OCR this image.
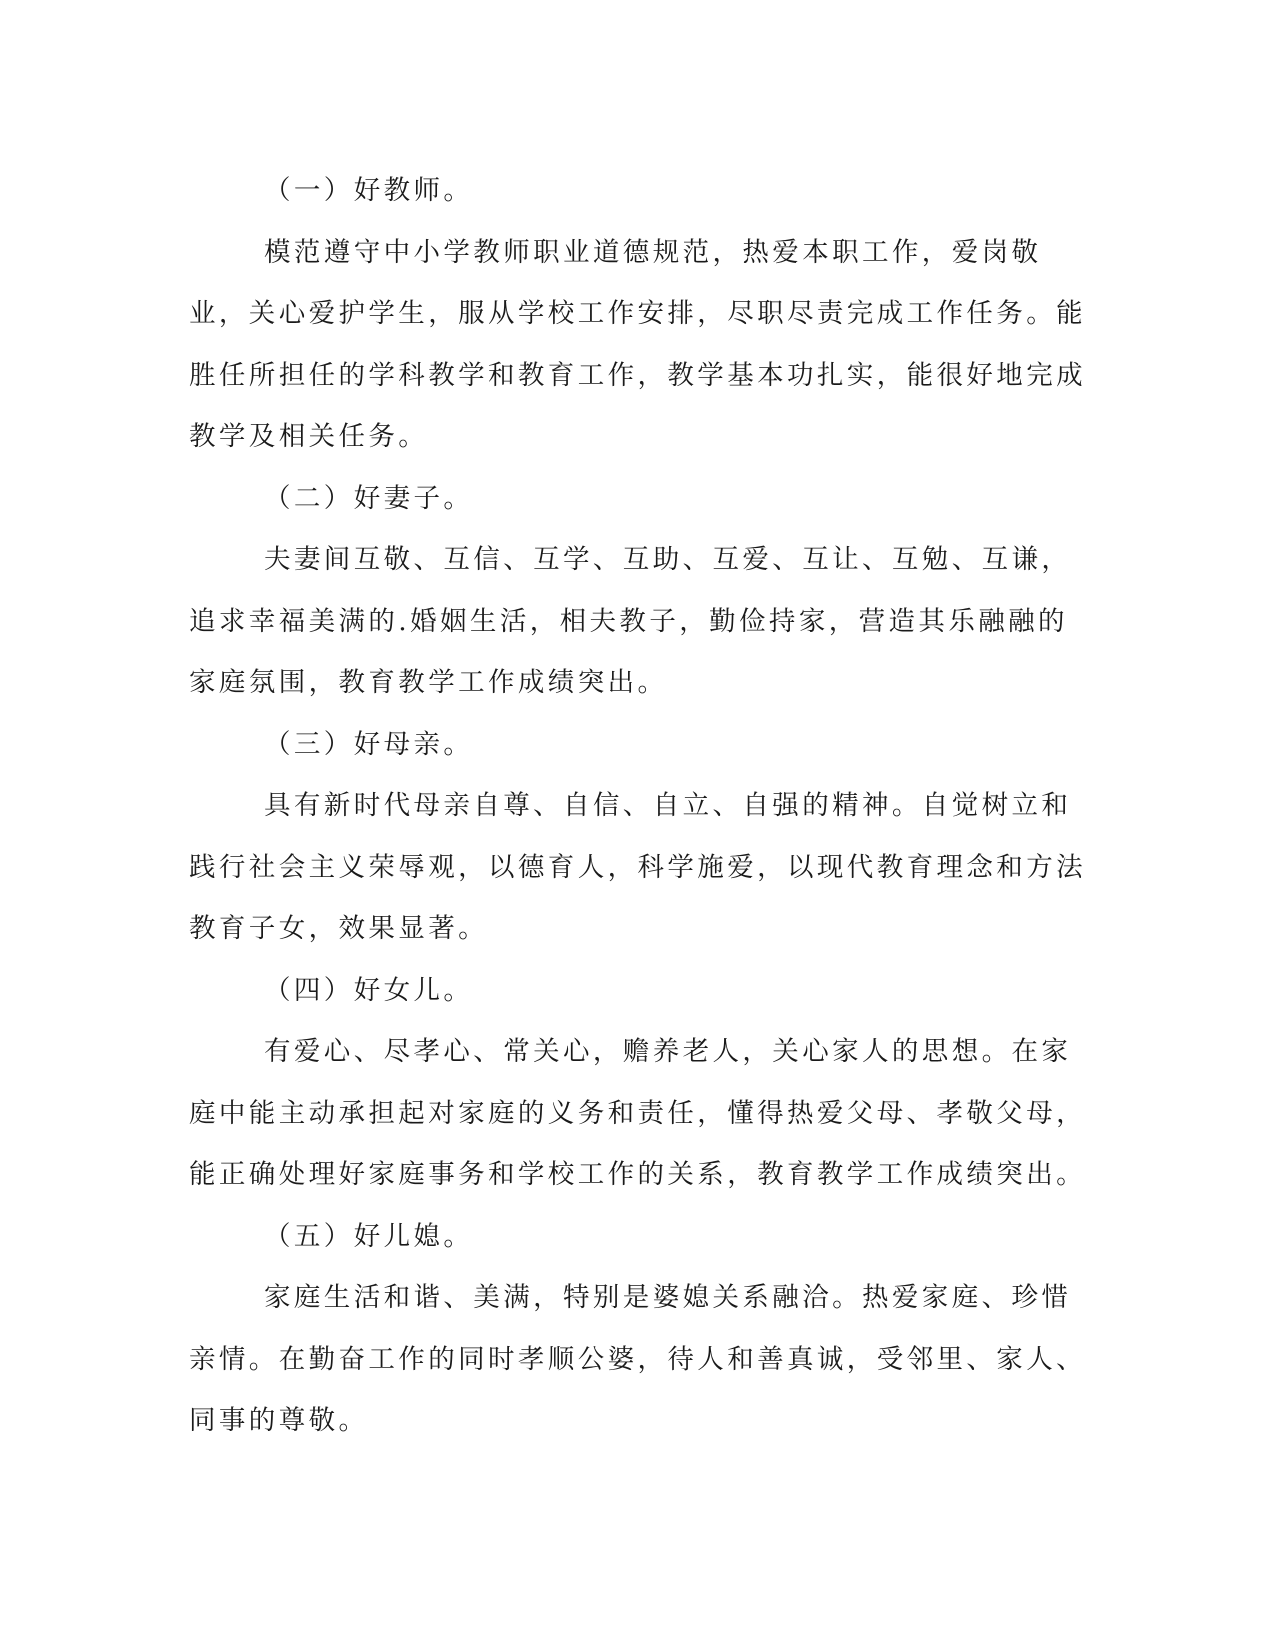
（一）好教师。

模范遵守中小学教师职业道德规范，热爱本职工作，爱岗敬业，关心爱护学生，服从学校工作安排，尽职尽责完成工作任务。能胜任所担任的学科教学和教育工作，教学基本功扎实，能很好地完成教学及相关任务。

（二）好妻子。

夫妻间互敬、互信、互学、互助、互爱、互让、互勉、互谦，追求幸福美满的.婚姻生活，相夫教子，勤俭持家，营造其乐融融的家庭氛围，教育教学工作成绩突出。

（三）好母亲。

具有新时代母亲自尊、自信、自立、自强的精神。自觉树立和践行社会主义荣辱观，以德育人，科学施爱，以现代教育理念和方法教育子女，效果显著。

（四）好女儿。

有爱心、尽孝心、常关心，赡养老人，关心家人的思想。在家庭中能主动承担起对家庭的义务和责任，懂得热爱父母、孝敬父母，能正确处理好家庭事务和学校工作的关系，教育教学工作成绩突出。

（五）好儿媳。

家庭生活和谐、美满，特别是婆媳关系融洽。热爱家庭、珍惜亲情。在勤奋工作的同时孝顺公婆，待人和善真诚，受邻里、家人、同事的尊敬。
